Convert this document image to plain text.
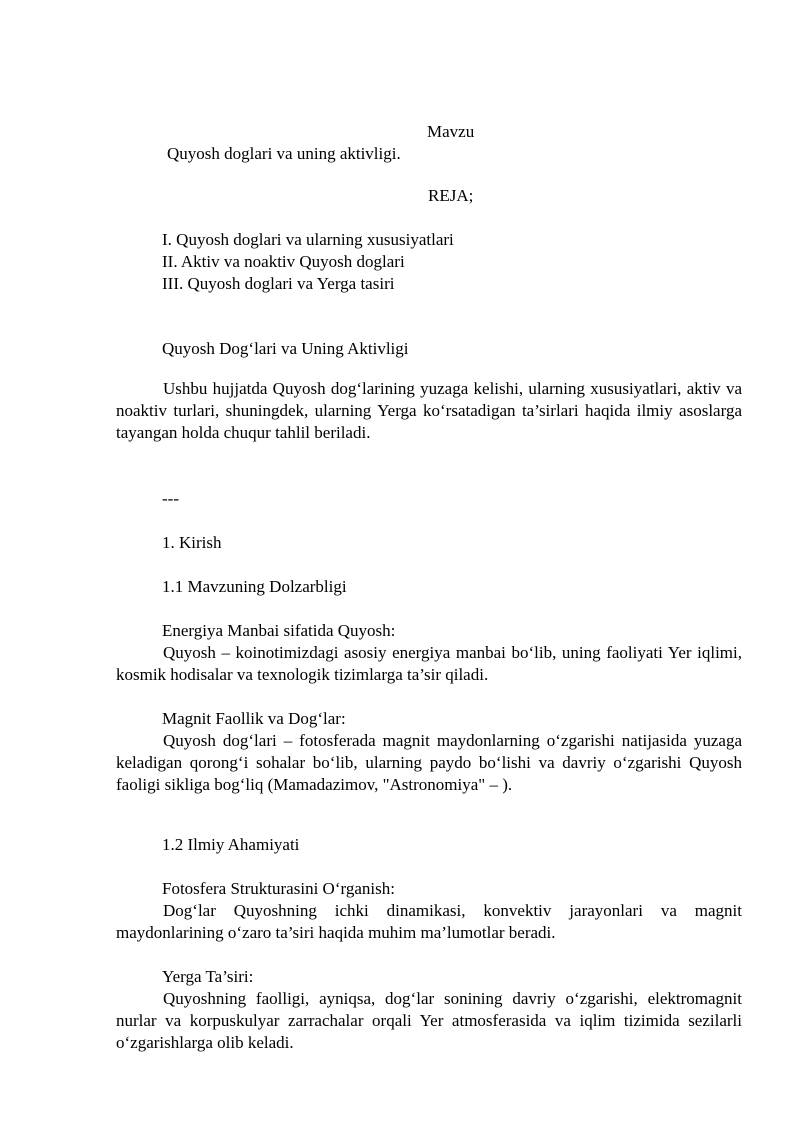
Mavzu
Quyosh doglari va uning aktivligi.
REJA;
I. Quyosh doglari va ularning xususiyatlari
II. Aktiv va noaktiv Quyosh doglari
III. Quyosh doglari va Yerga tasiri
Quyosh Dog‘lari va Uning Aktivligi
Ushbu hujjatda Quyosh dog‘larining yuzaga kelishi, ularning xususiyatlari, aktiv va noaktiv turlari, shuningdek, ularning Yerga ko‘rsatadigan ta’sirlari haqida ilmiy asoslarga tayangan holda chuqur tahlil beriladi.
---
1. Kirish
1.1 Mavzuning Dolzarbligi
Energiya Manbai sifatida Quyosh:
Quyosh – koinotimizdagi asosiy energiya manbai bo‘lib, uning faoliyati Yer iqlimi, kosmik hodisalar va texnologik tizimlarga ta’sir qiladi.
Magnit Faollik va Dog‘lar:
Quyosh dog‘lari – fotosferada magnit maydonlarning o‘zgarishi natijasida yuzaga keladigan qorong‘i sohalar bo‘lib, ularning paydo bo‘lishi va davriy o‘zgarishi Quyosh faoligi sikliga bog‘liq (Mamadazimov, "Astronomiya" – ).
1.2 Ilmiy Ahamiyati
Fotosfera Strukturasini O‘rganish:
Dog‘lar Quyoshning ichki dinamikasi, konvektiv jarayonlari va magnit maydonlarining o‘zaro ta’siri haqida muhim ma’lumotlar beradi.
Yerga Ta’siri:
Quyoshning faolligi, ayniqsa, dog‘lar sonining davriy o‘zgarishi, elektromagnit nurlar va korpuskulyar zarrachalar orqali Yer atmosferasida va iqlim tizimida sezilarli o‘zgarishlarga olib keladi.
